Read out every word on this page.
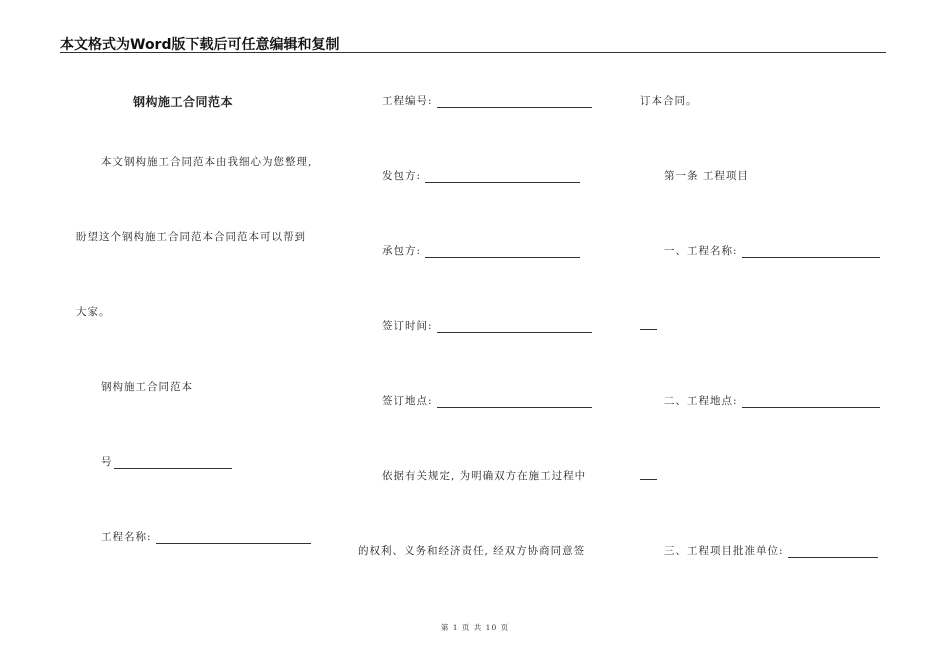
本文格式为Word版下载后可任意编辑和复制
钢构施工合同范本
本文钢构施工合同范本由我细心为您整理,
盼望这个钢构施工合同范本合同范本可以帮到
大家。
钢构施工合同范本
号
工程名称:
工程编号:
发包方:
承包方:
签订时间:
签订地点:
依据有关规定, 为明确双方在施工过程中
的权利、义务和经济责任, 经双方协商同意签
订本合同。
第一条 工程项目
一、工程名称:
二、工程地点:
三、工程项目批准单位:
第 1 页 共 10 页
